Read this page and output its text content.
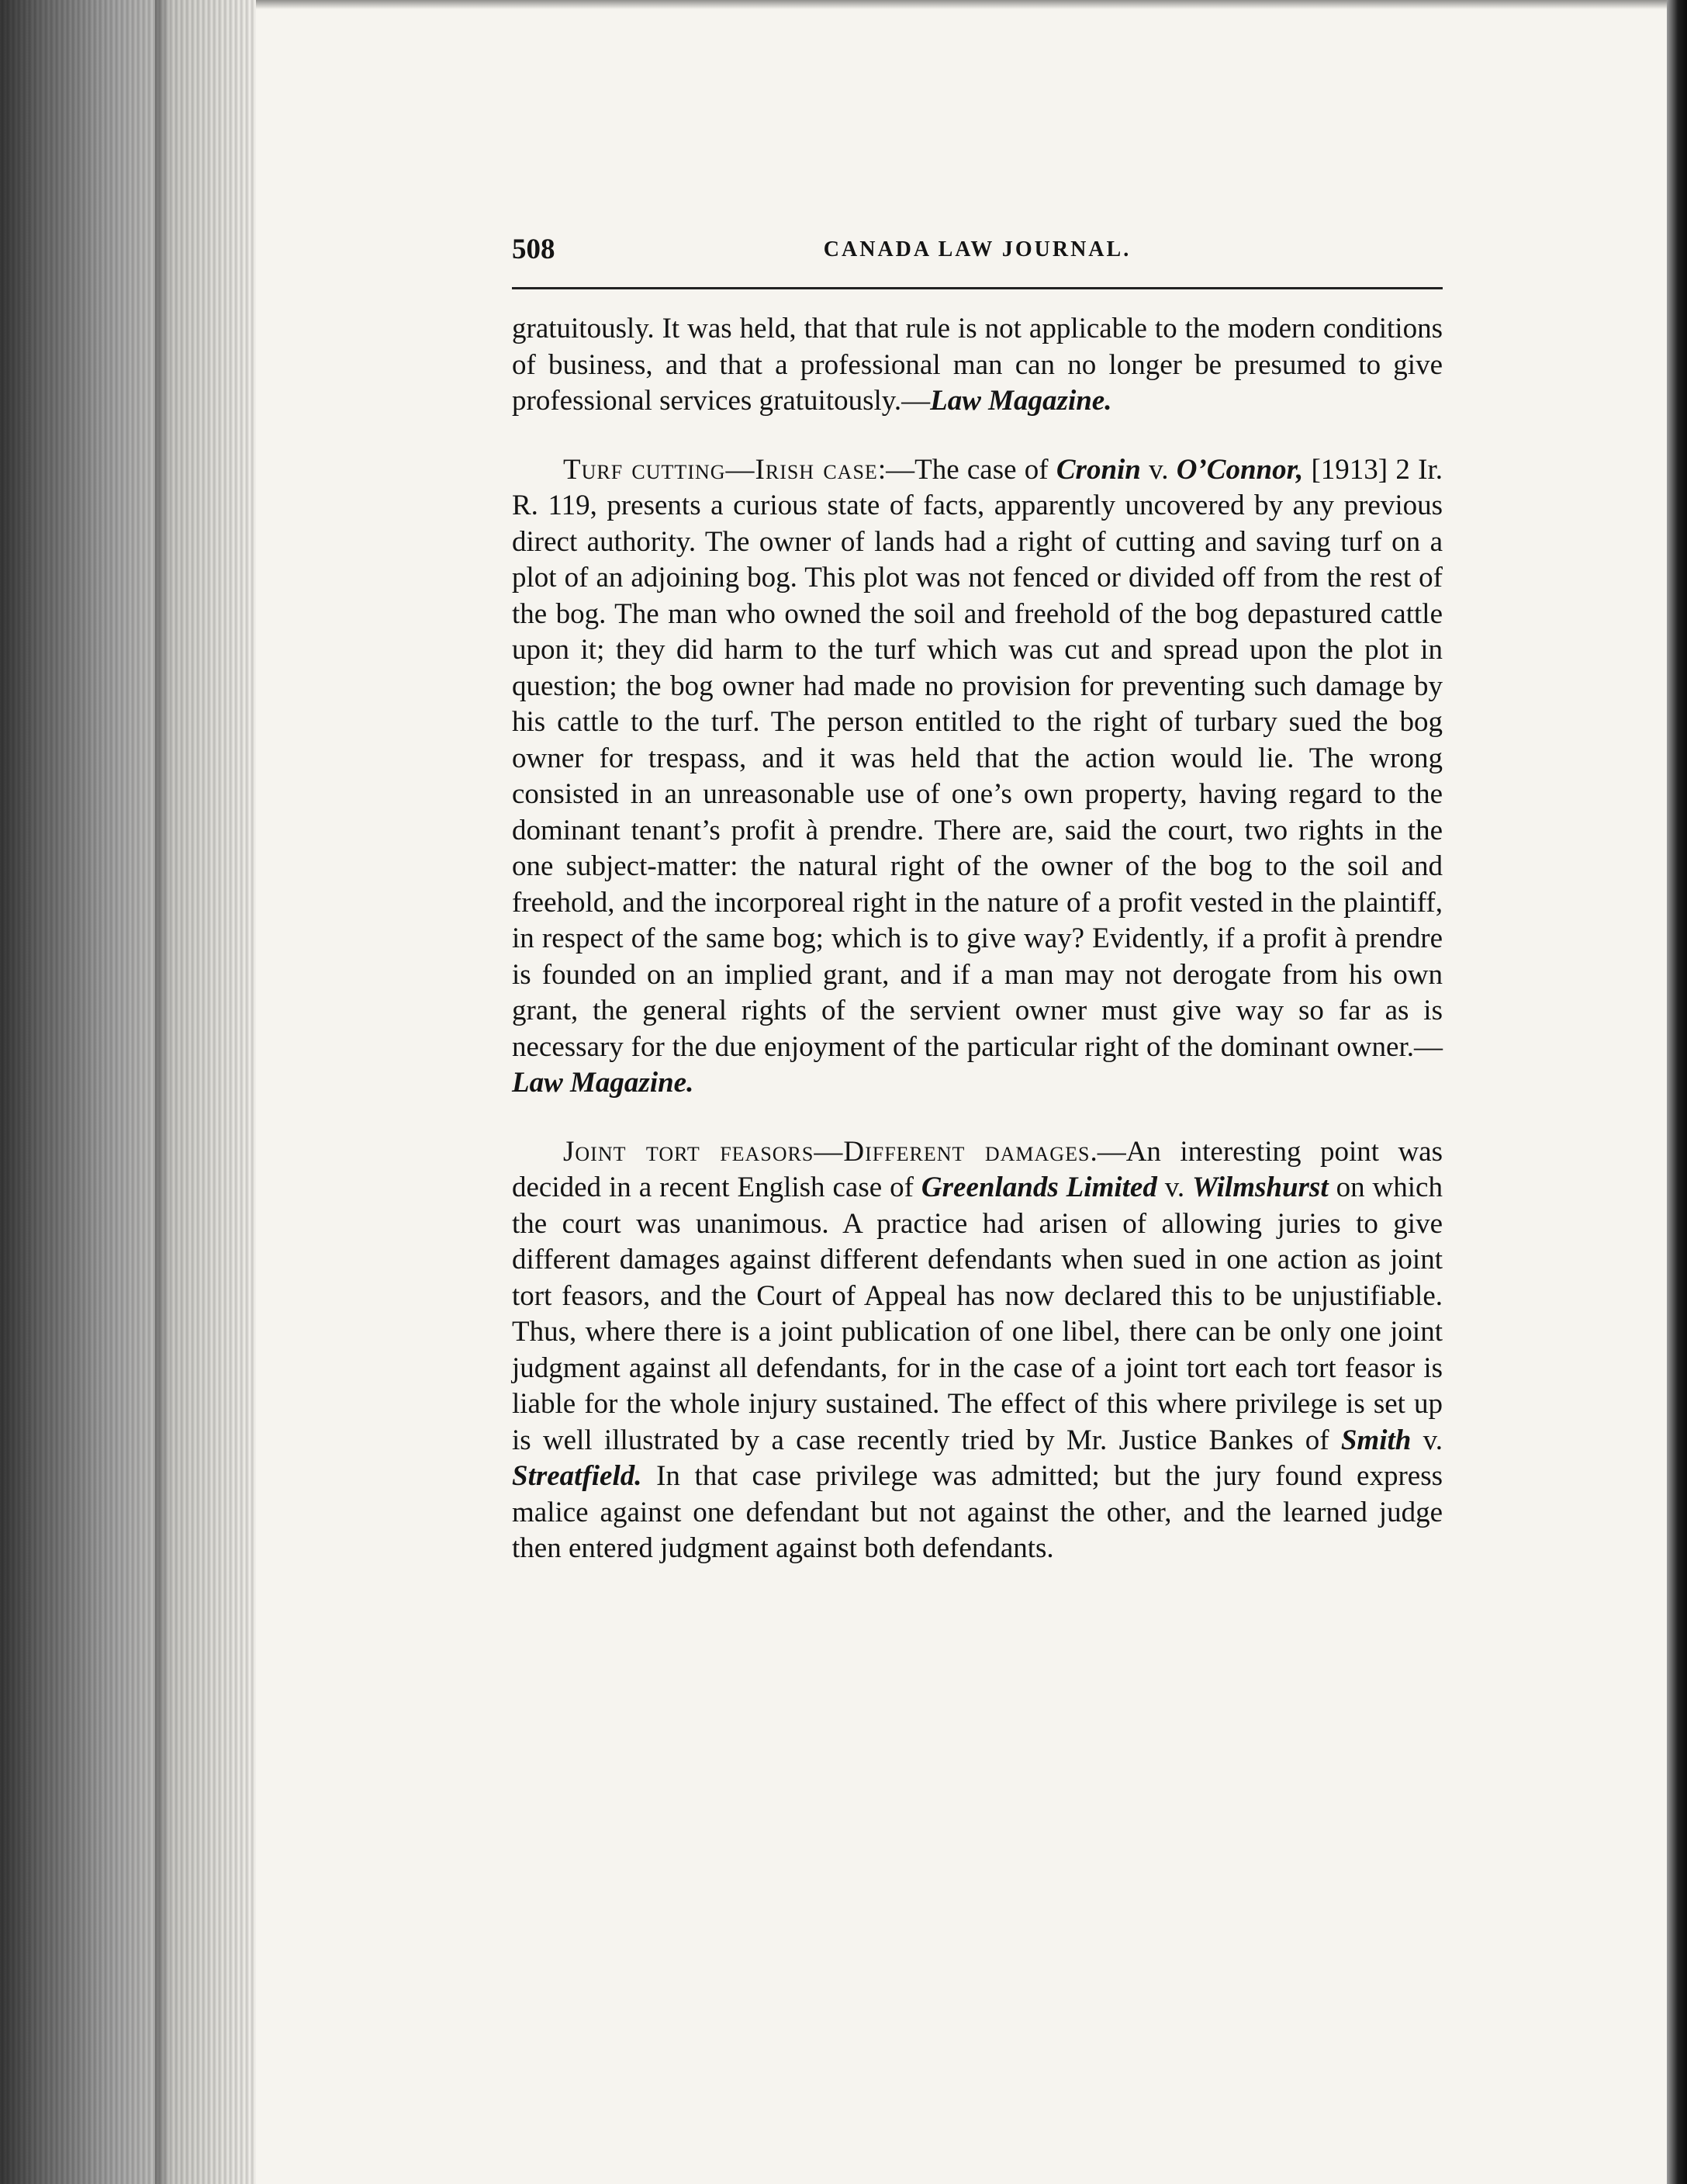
508	CANADA LAW JOURNAL.

gratuitously. It was held, that that rule is not applicable to the modern conditions of business, and that a professional man can no longer be presumed to give professional services gratuitously.—Law Magazine.

Turf cutting—Irish case:—The case of Cronin v. O’Connor, [1913] 2 Ir. R. 119, presents a curious state of facts, apparently uncovered by any previous direct authority. The owner of lands had a right of cutting and saving turf on a plot of an adjoining bog. This plot was not fenced or divided off from the rest of the bog. The man who owned the soil and freehold of the bog depastured cattle upon it; they did harm to the turf which was cut and spread upon the plot in question; the bog owner had made no provision for preventing such damage by his cattle to the turf. The person entitled to the right of turbary sued the bog owner for trespass, and it was held that the action would lie. The wrong consisted in an unreasonable use of one’s own property, having regard to the dominant tenant’s profit à prendre. There are, said the court, two rights in the one subject-matter: the natural right of the owner of the bog to the soil and freehold, and the incorporeal right in the nature of a profit vested in the plaintiff, in respect of the same bog; which is to give way? Evidently, if a profit à prendre is founded on an implied grant, and if a man may not derogate from his own grant, the general rights of the servient owner must give way so far as is necessary for the due enjoyment of the particular right of the dominant owner.—Law Magazine.

Joint tort feasors—Different damages.—An interesting point was decided in a recent English case of Greenlands Limited v. Wilmshurst on which the court was unanimous. A practice had arisen of allowing juries to give different damages against different defendants when sued in one action as joint tort feasors, and the Court of Appeal has now declared this to be unjustifiable. Thus, where there is a joint publication of one libel, there can be only one joint judgment against all defendants, for in the case of a joint tort each tort feasor is liable for the whole injury sustained. The effect of this where privilege is set up is well illustrated by a case recently tried by Mr. Justice Bankes of Smith v. Streatfield. In that case privilege was admitted; but the jury found express malice against one defendant but not against the other, and the learned judge then entered judgment against both defendants.
